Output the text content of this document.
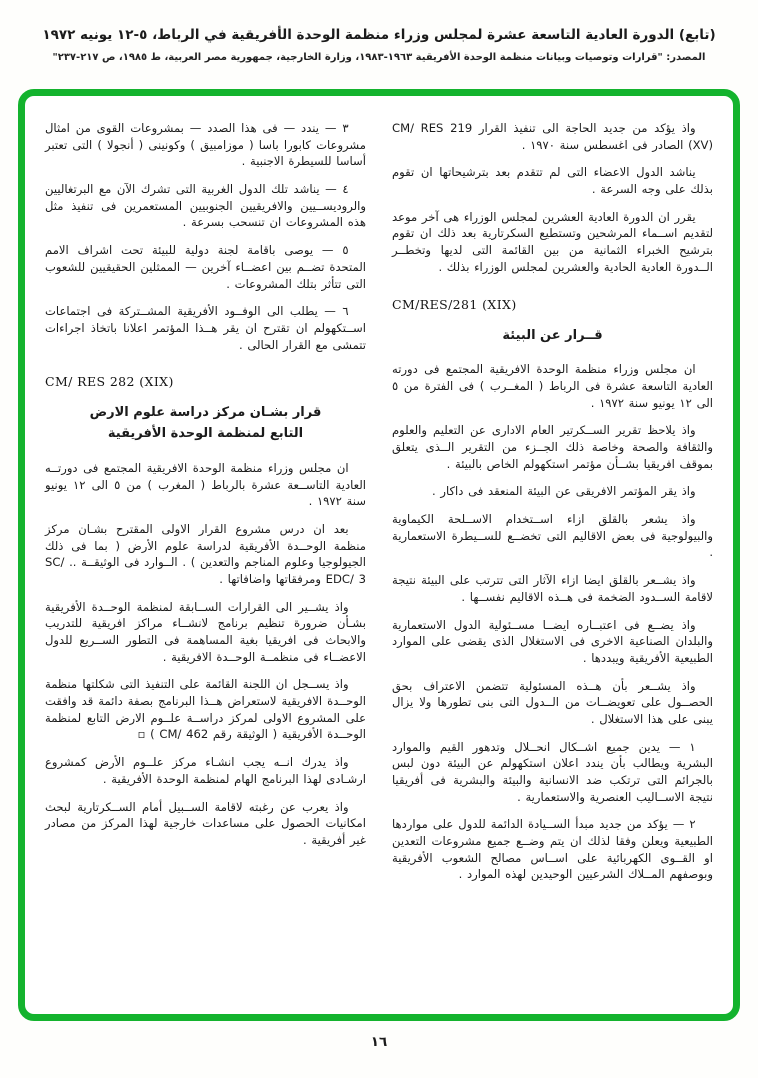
(تابع) الدورة العادية التاسعة عشرة لمجلس وزراء منظمة الوحدة الأفريقية في الرباط، ٥-١٢ يونيه ١٩٧٢
المصدر: "قرارات وتوصيات وبيانات منظمة الوحدة الأفريقية ١٩٦٣-١٩٨٣، وزارة الخارجية، جمهورية مصر العربية، ط ١٩٨٥، ص ٢١٧-٢٣٧"
واذ يؤكد من جديد الحاجة الى تنفيذ القرار CM/ RES 219 (XV) الصادر فى اغسطس سنة ١٩٧٠ .
يناشد الدول الاعضاء التى لم تتقدم بعد بترشيحاتها ان تقوم بذلك على وجه السرعة .
يقرر ان الدورة العادية العشرين لمجلس الوزراء هى آخر موعد لتقديم اســماء المرشحين وتستطيع السكرتارية بعد ذلك ان تقوم بترشيح الخبراء الثمانية من بين القائمة التى لديها وتخطــر الــدورة العادية الحادية والعشرين لمجلس الوزراء بذلك .
CM/RES/281 (XIX)
قــرار عن البيئة
ان مجلس وزراء منظمة الوحدة الافريقية المجتمع فى دورته العادية التاسعة عشرة فى الرباط ( المغــرب ) فى الفترة من ٥ الى ١٢ يونيو سنة ١٩٧٢ .
واذ يلاحظ تقرير الســكرتير العام الادارى عن التعليم والعلوم والثقافة والصحة وخاصة ذلك الجــزء من التقرير الــذى يتعلق بموقف افريقيا بشــأن مؤتمر استكهولم الخاص بالبيئة .
واذ يقر المؤتمر الافريقى عن البيئة المنعقد فى داكار .
واذ يشعر بالقلق ازاء اســتخدام الاســلحة الكيماوية والبيولوجية فى بعض الاقاليم التى تخضــع للســيطرة الاستعمارية .
واذ يشــعر بالقلق ايضا ازاء الآثار التى تترتب على البيئة نتيجة لاقامة الســدود الضخمة فى هــذه الاقاليم نفســها .
واذ يضــع فى اعتبــاره ايضــا مســئولية الدول الاستعمارية والبلدان الصناعية الاخرى فى الاستغلال الذى يقضى على الموارد الطبيعية الأفريقية ويبددها .
واذ يشــعر بأن هــذه المسئولية تتضمن الاعتراف بحق الحصــول على تعويضــات من الــدول التى بنى تطورها ولا يزال يبنى على هذا الاستغلال .
١ — يدين جميع اشــكال انحــلال وتدهور القيم والموارد البشرية ويطالب بأن يندد اعلان استكهولم عن البيئة دون لبس بالجرائم التى ترتكب ضد الانسانية والبيئة والبشرية فى أفريقيا نتيجة الاســاليب العنصرية والاستعمارية .
٢ — يؤكد من جديد مبدأ الســيادة الدائمة للدول على مواردها الطبيعية ويعلن وفقا لذلك ان يتم وضــع جميع مشروعات التعدين او القــوى الكهربائية على اســاس مصالح الشعوب الأفريقية وبوصفهم المــلاك الشرعيين الوحيدين لهذه الموارد .
٣ — يندد — فى هذا الصدد — بمشروعات القوى من امثال مشروعات كابورا باسا ( موزامبيق ) وكونينى ( أنجولا ) التى تعتبر أساسا للسيطرة الاجنبية .
٤ — يناشد تلك الدول الغربية التى تشرك الآن مع البرتغاليين والروديســيين والافريقيين الجنوبيين المستعمرين فى تنفيذ مثل هذه المشروعات ان تنسحب بسرعة .
٥ — يوصى باقامة لجنة دولية للبيئة تحت اشراف الامم المتحدة تضــم بين اعضــاء آخرين — الممثلين الحقيقيين للشعوب التى تتأثر بتلك المشروعات .
٦ — يطلب الى الوفــود الأفريقية المشــتركة فى اجتماعات اســتكهولم ان تقترح ان يقر هــذا المؤتمر اعلانا باتخاذ اجراءات تتمشى مع القرار الحالى .
CM/ RES 282 (XIX)
قرار بشـان مركز دراسة علوم الارض
التابع لمنظمة الوحدة الأفريقية
ان مجلس وزراء منظمة الوحدة الافريقية المجتمع فى دورتــه العادية التاســعة عشرة بالرباط ( المغرب ) من ٥ الى ١٢ يونيو سنة ١٩٧٢ .
بعد ان درس مشروع القرار الاولى المقترح بشـان مركز منظمة الوحــدة الأفريقية لدراسة علوم الأرض ( بما فى ذلك الجيولوجيا وعلوم المناجم والتعدين ) . الــوارد فى الوثيقــة .. SC/ EDC/ 3 ومرفقاتها واضافاتها .
واذ يشــير الى القرارات الســابقة لمنظمة الوحــدة الأفريقية بشـأن ضرورة تنظيم برنامج لانشــاء مراكز افريقية للتدريب والابحاث فى افريقيا بغية المساهمة فى التطور الســريع للدول الاعضــاء فى منظمــة الوحــدة الافريقية .
واذ يســجل ان اللجنة القائمة على التنفيذ التى شكلتها منظمة الوحــدة الافريقية لاستعراض هــذا البرنامج بصفة دائمة قد وافقت على المشروع الاولى لمركز دراســة علــوم الارض التابع لمنظمة الوحــدة الأفريقية ( الوثيقة رقم CM/ 462 ) ▫
واذ يدرك انــه يجب انشـاء مركز علــوم الأرض كمشروع ارشـادى لهذا البرنامج الهام لمنظمة الوحدة الأفريقية .
واذ يعرب عن رغبته لاقامة الســبيل أمام الســكرتارية لبحث امكانيات الحصول على مساعدات خارجية لهذا المركز من مصادر غير أفريقية .
١٦
